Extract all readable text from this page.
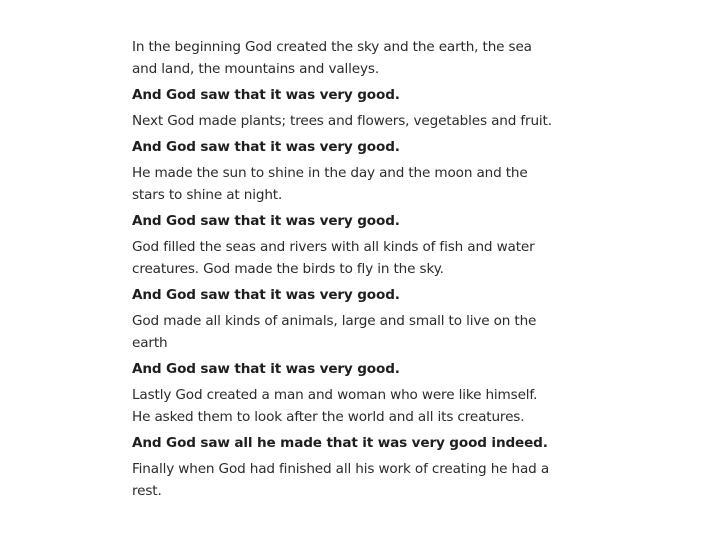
In the beginning God created the sky and the earth, the sea and land, the mountains and valleys.

And God saw that it was very good.

Next God made plants; trees and flowers, vegetables and fruit.

And God saw that it was very good.

He made the sun to shine in the day and the moon and the stars to shine at night.

And God saw that it was very good.

God filled the seas and rivers with all kinds of fish and water creatures. God made the birds to fly in the sky.

And God saw that it was very good.

God made all kinds of animals, large and small to live on the earth

And God saw that it was very good.

Lastly God created a man and woman who were like himself. He asked them to look after the world and all its creatures.

And God saw all he made that it was very good indeed.

Finally when God had finished all his work of creating he had a rest.
